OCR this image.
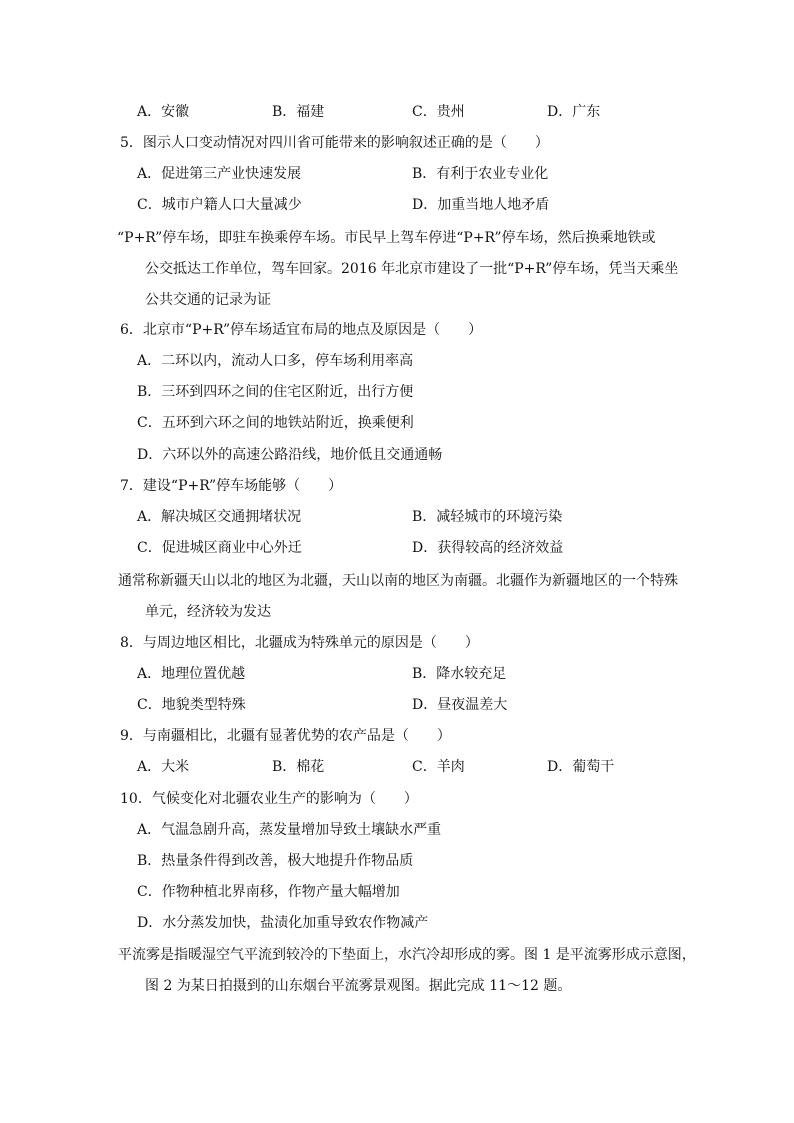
A．安徽	B．福建	C．贵州	D．广东
5．图示人口变动情况对四川省可能带来的影响叙述正确的是（　　）
A．促进第三产业快速发展	B．有利于农业专业化
C．城市户籍人口大量减少	D．加重当地人地矛盾
“P+R”停车场，即驻车换乘停车场。市民早上驾车停进“P+R”停车场，然后换乘地铁或
公交抵达工作单位，驾车回家。2016 年北京市建设了一批“P+R”停车场，凭当天乘坐
公共交通的记录为证
6．北京市“P+R”停车场适宜布局的地点及原因是（　　）
A．二环以内，流动人口多，停车场利用率高
B．三环到四环之间的住宅区附近，出行方便
C．五环到六环之间的地铁站附近，换乘便利
D．六环以外的高速公路沿线，地价低且交通通畅
7．建设“P+R”停车场能够（　　）
A．解决城区交通拥堵状况	B．减轻城市的环境污染
C．促进城区商业中心外迁	D．获得较高的经济效益
通常称新疆天山以北的地区为北疆，天山以南的地区为南疆。北疆作为新疆地区的一个特殊
单元，经济较为发达
8．与周边地区相比，北疆成为特殊单元的原因是（　　）
A．地理位置优越	B．降水较充足
C．地貌类型特殊	D．昼夜温差大
9．与南疆相比，北疆有显著优势的农产品是（　　）
A．大米	B．棉花	C．羊肉	D．葡萄干
10．气候变化对北疆农业生产的影响为（　　）
A．气温急剧升高，蒸发量增加导致土壤缺水严重
B．热量条件得到改善，极大地提升作物品质
C．作物种植北界南移，作物产量大幅增加
D．水分蒸发加快，盐渍化加重导致农作物减产
平流雾是指暖湿空气平流到较冷的下垫面上，水汽冷却形成的雾。图 1 是平流雾形成示意图，
图 2 为某日拍摄到的山东烟台平流雾景观图。据此完成 11～12 题。
